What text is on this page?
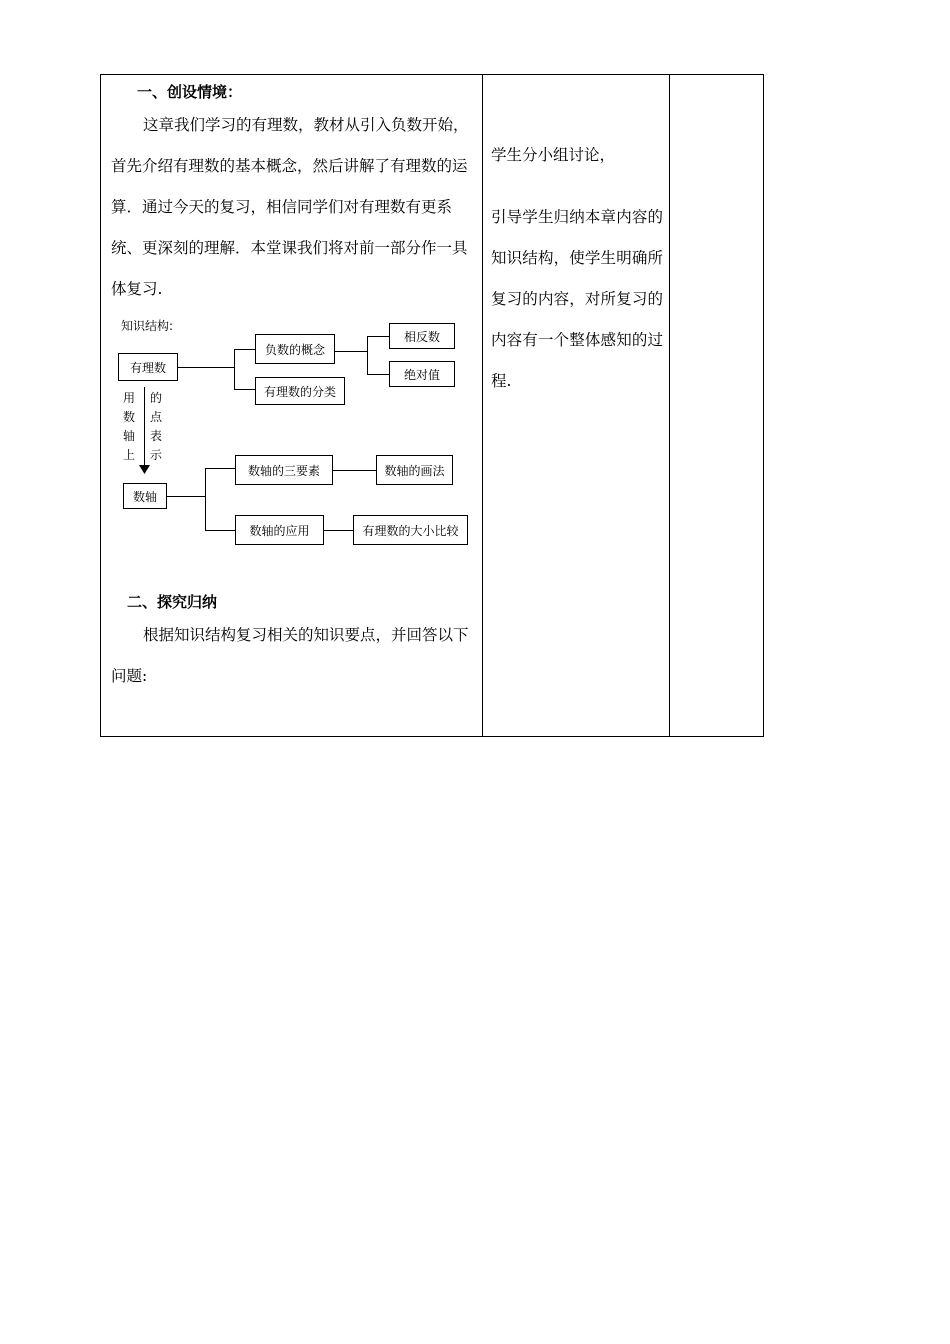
一、创设情境：
这章我们学习的有理数，教材从引入负数开始，首先介绍有理数的基本概念，然后讲解了有理数的运算．通过今天的复习，相信同学们对有理数有更系统、更深刻的理解．本堂课我们将对前一部分作一具体复习.
二、探究归纳
根据知识结构复习相关的知识要点，并回答以下问题:
知识结构:
有理数
负数的概念
有理数的分类
相反数
绝对值
用数轴上
的点表示
数轴
数轴的三要素	数轴的画法
数轴的应用	有理数的大小比较
学生分小组讨论，
引导学生归纳本章内容的知识结构，使学生明确所复习的内容，对所复习的内容有一个整体感知的过程.
